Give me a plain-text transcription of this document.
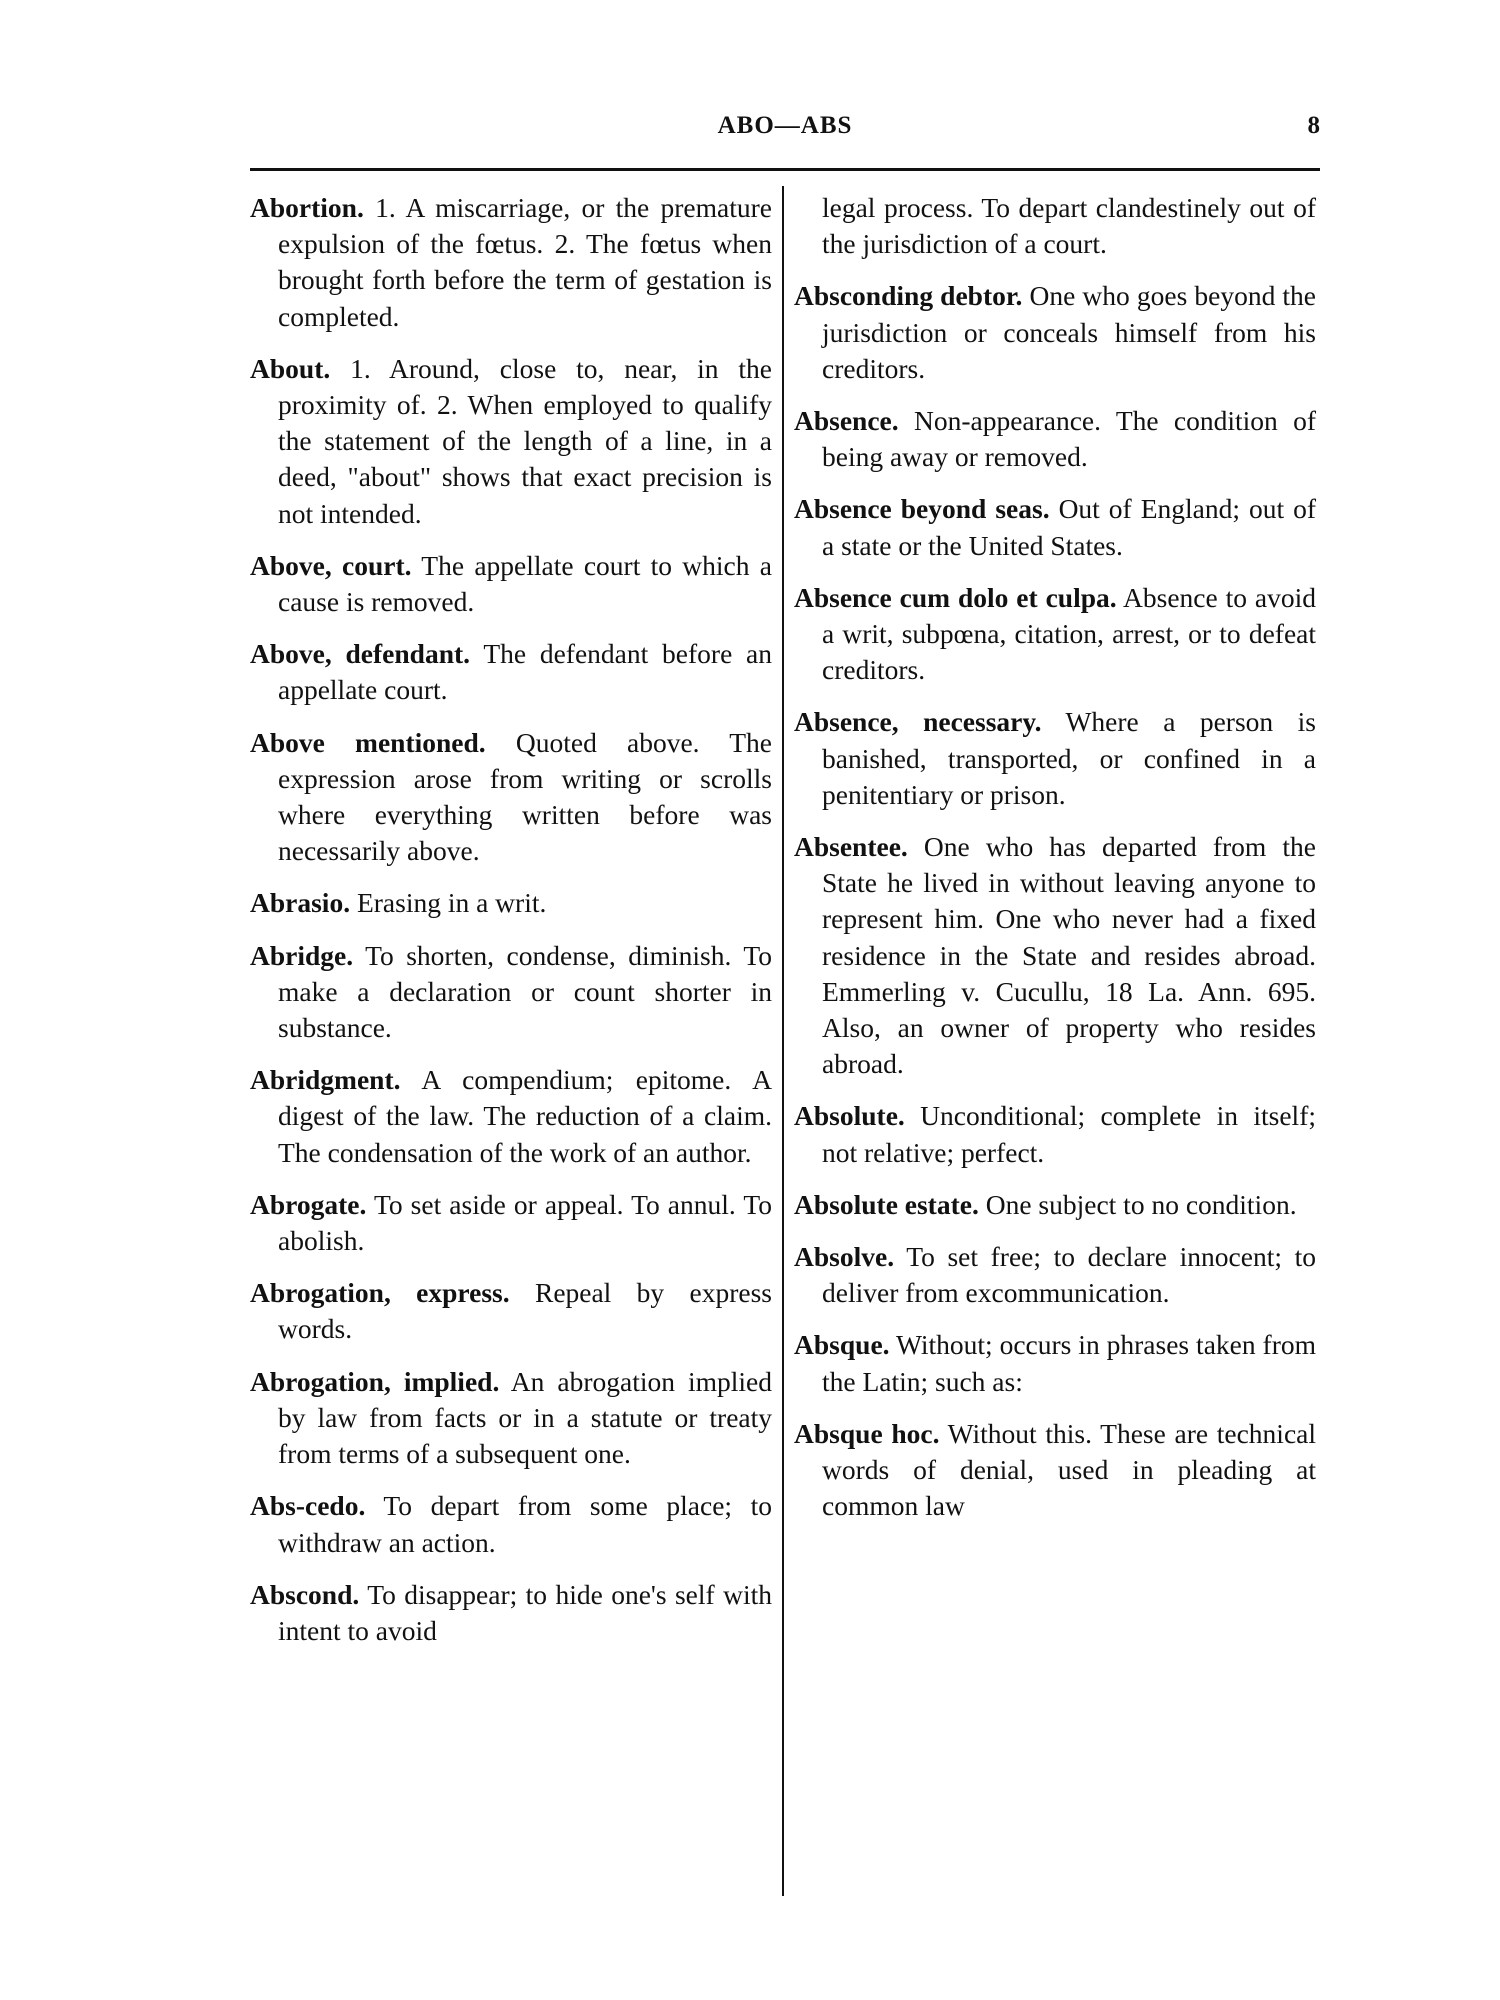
ABO—ABS	8

Abortion. 1. A miscarriage, or the premature expulsion of the fœtus. 2. The fœtus when brought forth before the term of gestation is completed.

About. 1. Around, close to, near, in the proximity of. 2. When employed to qualify the statement of the length of a line, in a deed, "about" shows that exact precision is not intended.

Above, court. The appellate court to which a cause is removed.

Above, defendant. The defendant before an appellate court.

Above mentioned. Quoted above. The expression arose from writing or scrolls where everything written before was necessarily above.

Abrasio. Erasing in a writ.

Abridge. To shorten, condense, diminish. To make a declaration or count shorter in substance.

Abridgment. A compendium; epitome. A digest of the law. The reduction of a claim. The condensation of the work of an author.

Abrogate. To set aside or appeal. To annul. To abolish.

Abrogation, express. Repeal by express words.

Abrogation, implied. An abrogation implied by law from facts or in a statute or treaty from terms of a subsequent one.

Abs-cedo. To depart from some place; to withdraw an action.

Abscond. To disappear; to hide one's self with intent to avoid

legal process. To depart clandestinely out of the jurisdiction of a court.

Absconding debtor. One who goes beyond the jurisdiction or conceals himself from his creditors.

Absence. Non-appearance. The condition of being away or removed.

Absence beyond seas. Out of England; out of a state or the United States.

Absence cum dolo et culpa. Absence to avoid a writ, subpœna, citation, arrest, or to defeat creditors.

Absence, necessary. Where a person is banished, transported, or confined in a penitentiary or prison.

Absentee. One who has departed from the State he lived in without leaving anyone to represent him. One who never had a fixed residence in the State and resides abroad. Emmerling v. Cucullu, 18 La. Ann. 695. Also, an owner of property who resides abroad.

Absolute. Unconditional; complete in itself; not relative; perfect.

Absolute estate. One subject to no condition.

Absolve. To set free; to declare innocent; to deliver from excommunication.

Absque. Without; occurs in phrases taken from the Latin; such as:

Absque hoc. Without this. These are technical words of denial, used in pleading at common law
